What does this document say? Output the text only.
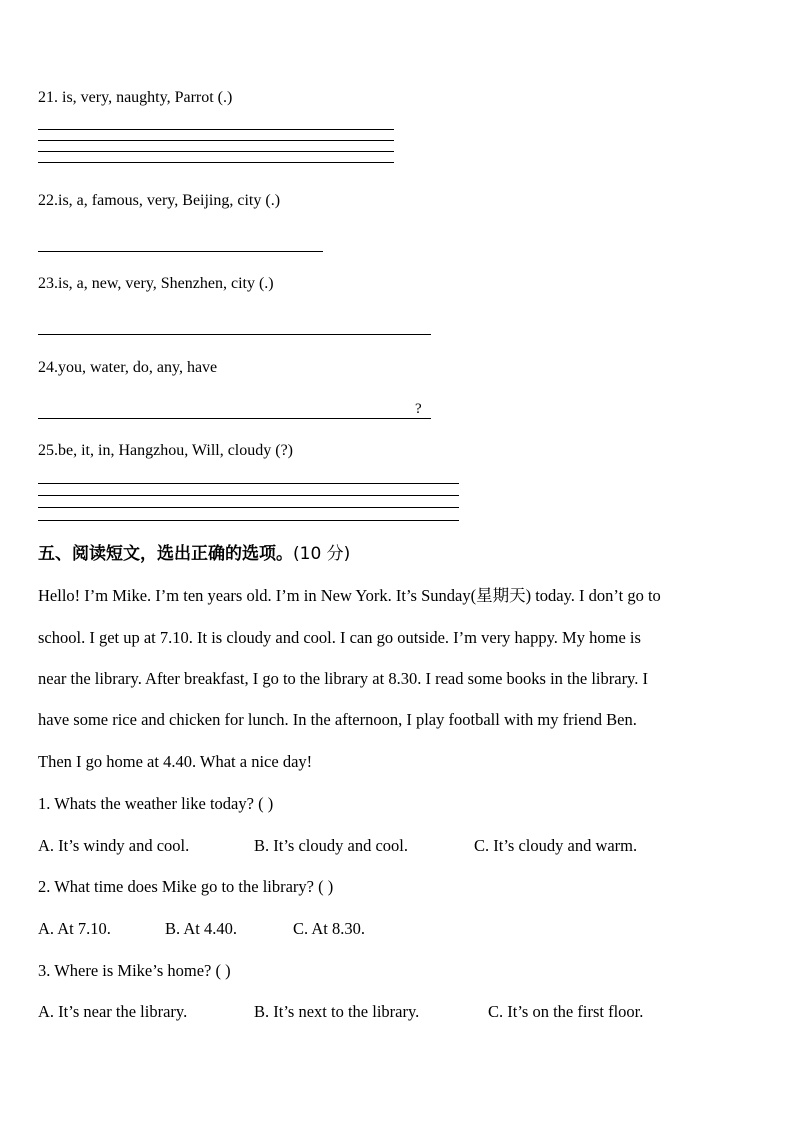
21. is, very, naughty, Parrot (.)
22.is, a, famous, very, Beijing, city (.)
23.is, a, new, very, Shenzhen, city (.)
24.you, water, do, any, have
?
25.be, it, in, Hangzhou, Will, cloudy (?)
五、阅读短文，选出正确的选项。(10 分)
Hello! I’m Mike. I’m ten years old. I’m in New York. It’s Sunday(星期天) today. I don’t go to
school. I get up at 7.10. It is cloudy and cool. I can go outside. I’m very happy. My home is
near the library. After breakfast, I go to the library at 8.30. I read some books in the library. I
have some rice and chicken for lunch. In the afternoon, I play football with my friend Ben.
Then I go home at 4.40. What a nice day!
1. Whats the weather like today? ( )
A. It’s windy and cool.	B. It’s cloudy and cool.	C. It’s cloudy and warm.
2. What time does Mike go to the library? ( )
A. At 7.10.	B. At 4.40.	C. At 8.30.
3. Where is Mike’s home? ( )
A. It’s near the library.	B. It’s next to the library.	C. It’s on the first floor.
